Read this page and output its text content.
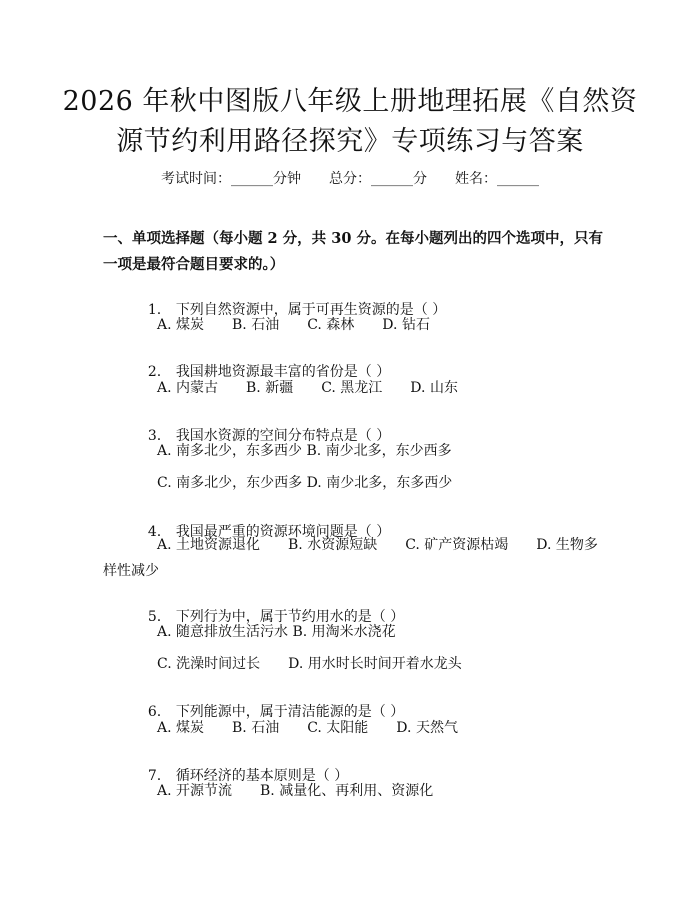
2026 年秋中图版八年级上册地理拓展《自然资源节约利用路径探究》专项练习与答案
考试时间：______分钟　　总分：______分　　姓名：______
一、单项选择题（每小题 2 分，共 30 分。在每小题列出的四个选项中，只有一项是最符合题目要求的。）

1. 下列自然资源中，属于可再生资源的是（ ）

A. 煤炭　　B. 石油　　C. 森林　　D. 钻石

2. 我国耕地资源最丰富的省份是（ ）

A. 内蒙古　　B. 新疆　　C. 黑龙江　　D. 山东

3. 我国水资源的空间分布特点是（ ）

A. 南多北少，东多西少 B. 南少北多，东少西多
C. 南多北少，东少西多 D. 南少北多，东多西少

4. 我国最严重的资源环境问题是（ ）

A. 土地资源退化　　B. 水资源短缺　　C. 矿产资源枯竭　　D. 生物多样性减少

5. 下列行为中，属于节约用水的是（ ）

A. 随意排放生活污水 B. 用淘米水浇花
C. 洗澡时间过长　　D. 用水时长时间开着水龙头

6. 下列能源中，属于清洁能源的是（ ）

A. 煤炭　　B. 石油　　C. 太阳能　　D. 天然气

7. 循环经济的基本原则是（ ）

A. 开源节流　　B. 减量化、再利用、资源化
